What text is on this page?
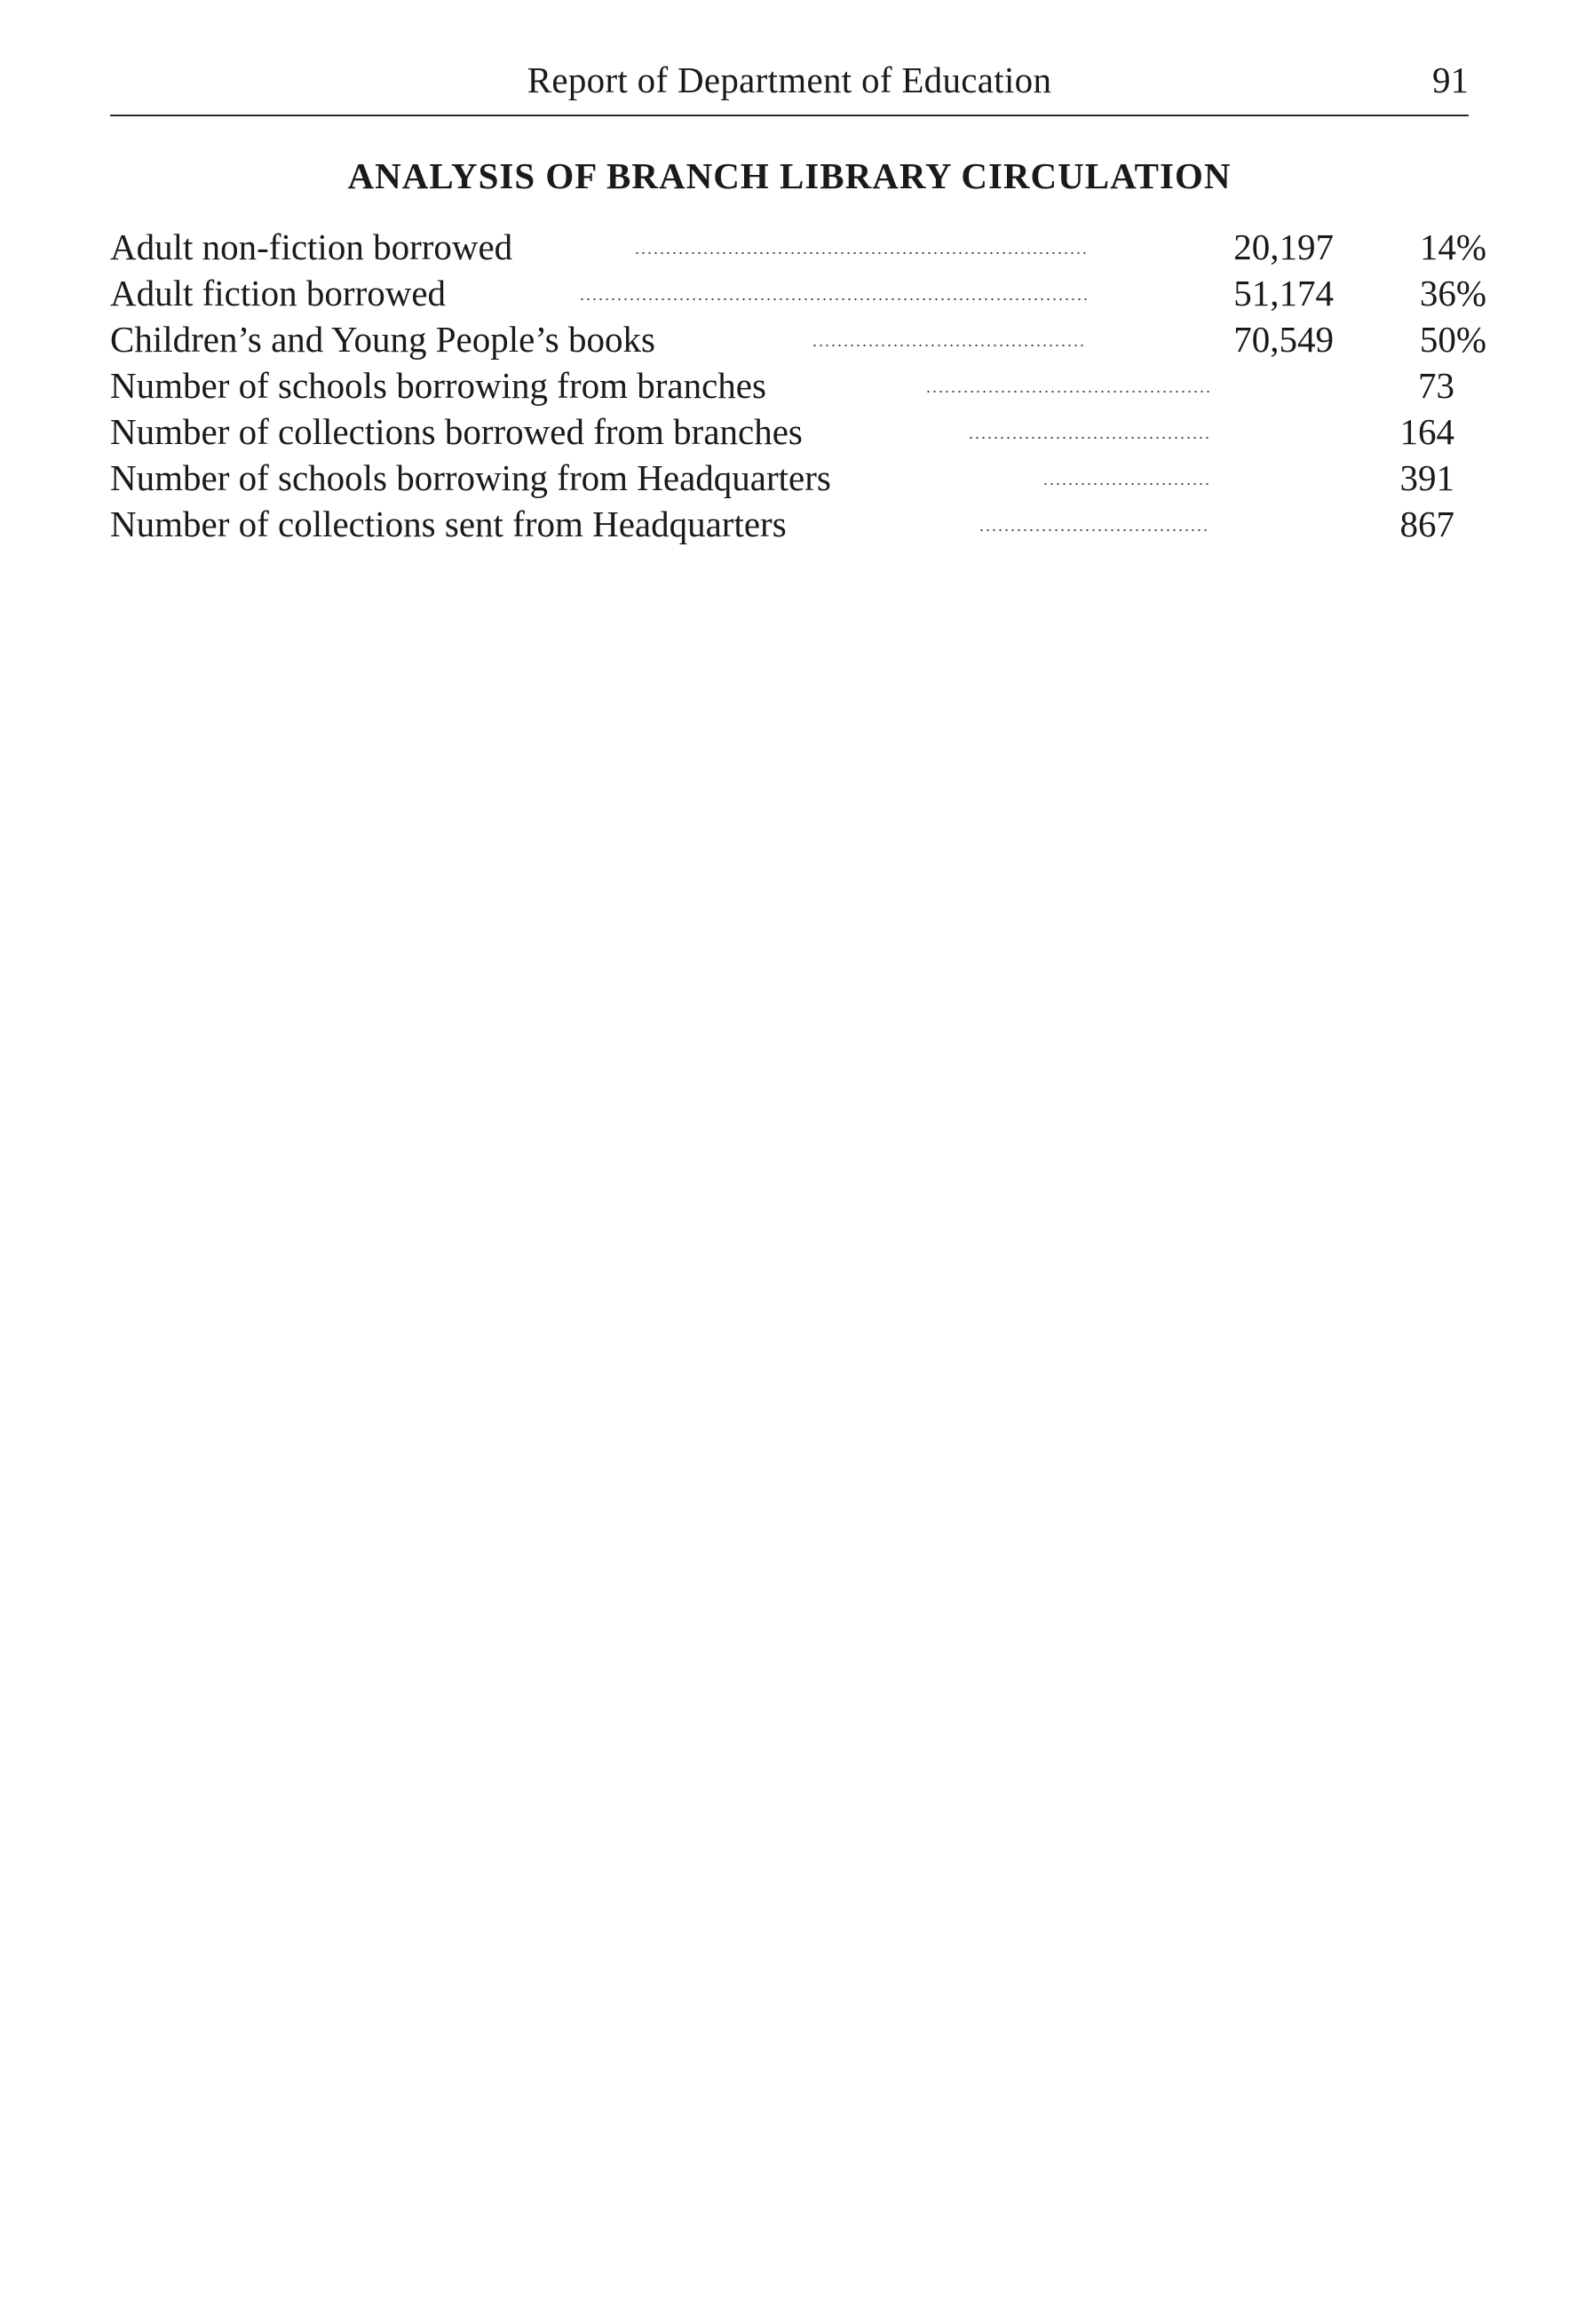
Report of Department of Education	91
ANALYSIS OF BRANCH LIBRARY CIRCULATION
Adult non-fiction borrowed	20,197 14%
Adult fiction borrowed	51,174 36%
Children’s and Young People’s books	70,549 50%
Number of schools borrowing from branches	73
Number of collections borrowed from branches	164
Number of schools borrowing from Headquarters	391
Number of collections sent from Headquarters	867
